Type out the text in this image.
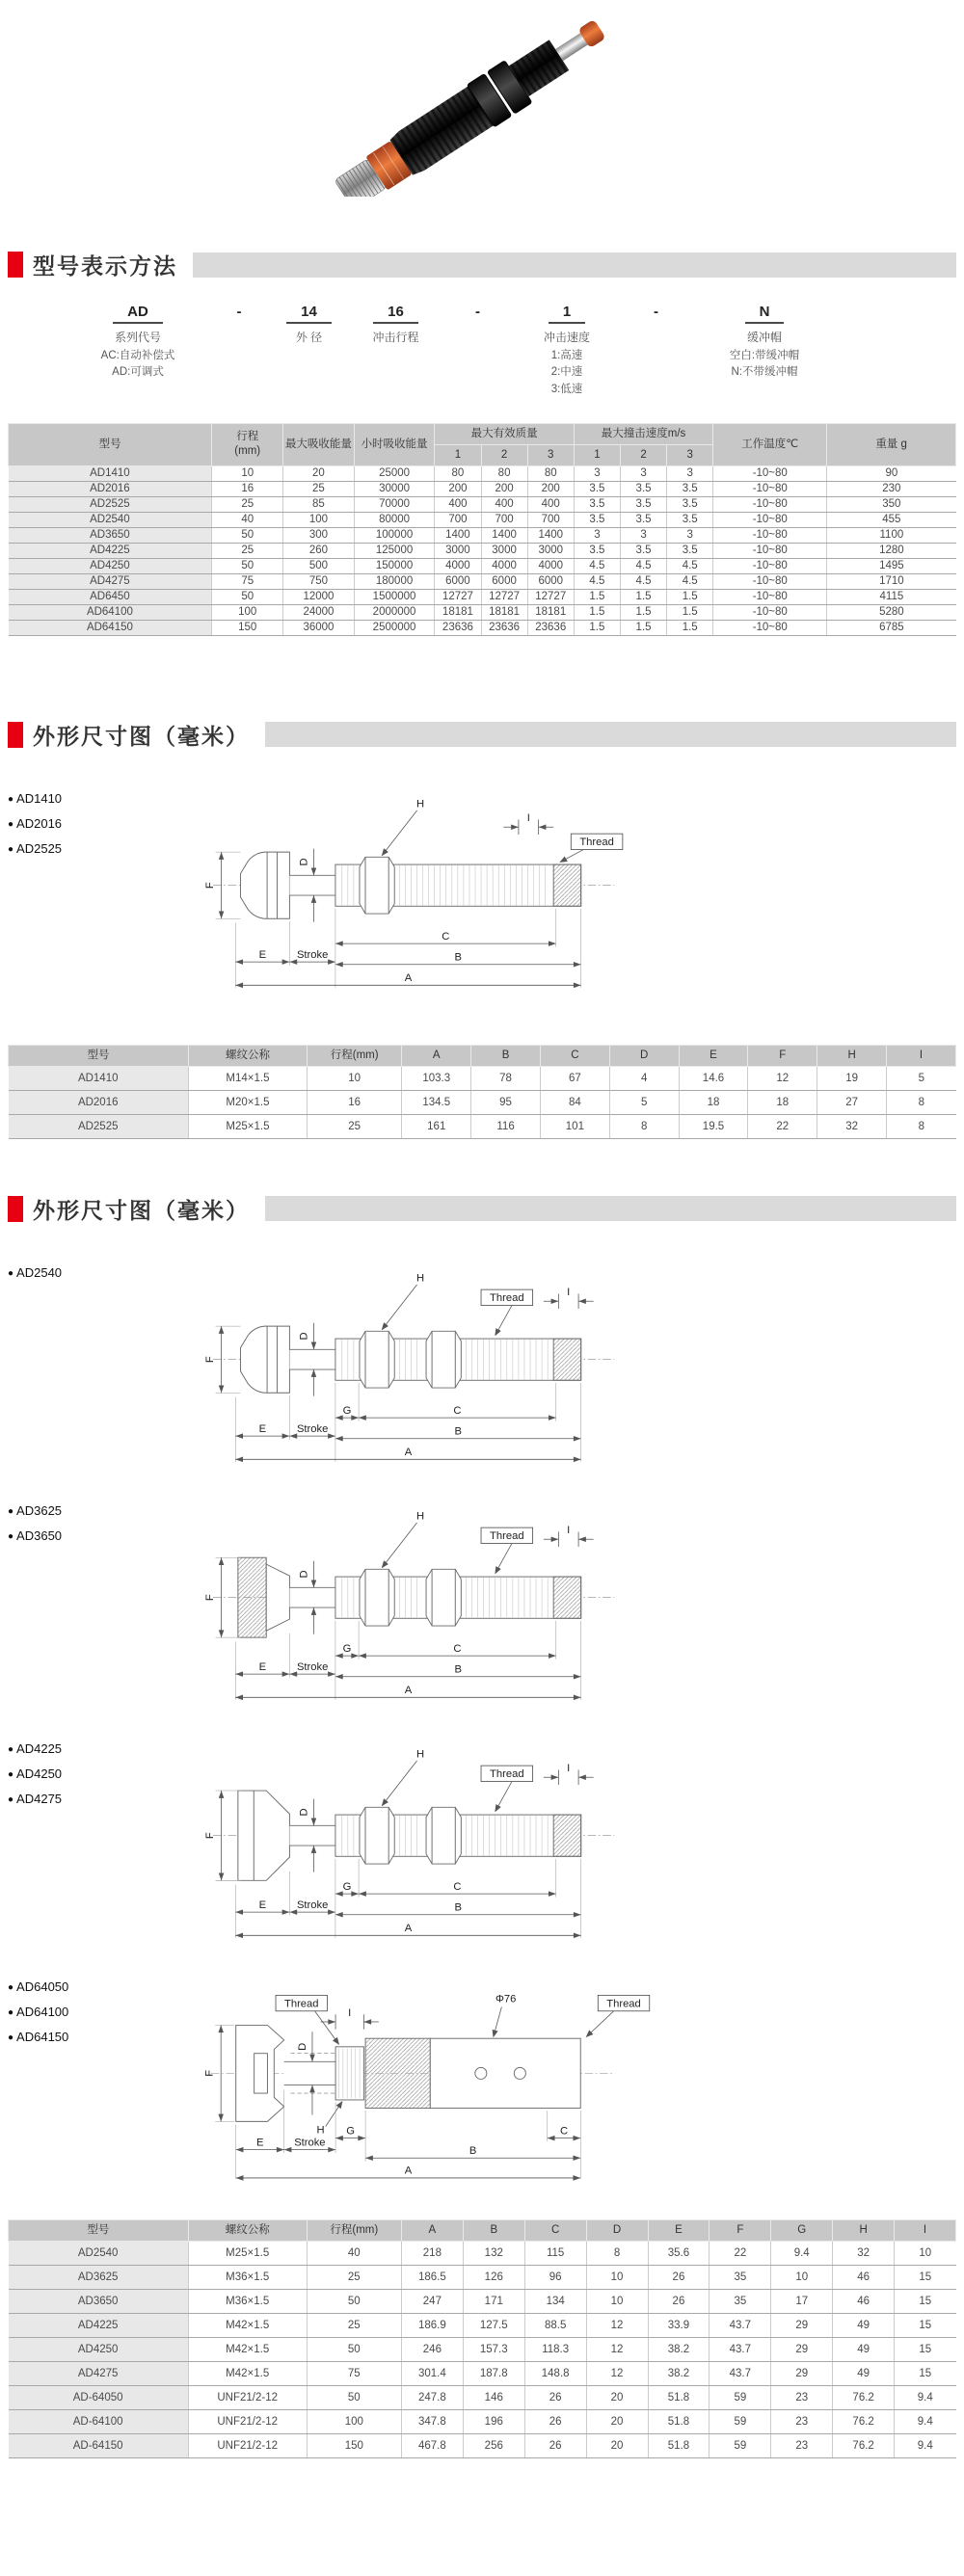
型号表示方法
AD
系列代号
AC:自动补偿式
AD:可调式
-	14
外 径
16
冲击行程
-	1
冲击速度
1:高速
2:中速
3:低速
-	N
缓冲帽
空白:带缓冲帽
N:不带缓冲帽
型号	行程
(mm)	最大吸收能量	小时吸收能量	最大有效质量			最大撞击速度m/s			工作温度℃	重量 g
				1	2	3	1	2	3		
AD1410	10	20	25000	80	80	80	3	3	3	-10~80	90
AD2016	16	25	30000	200	200	200	3.5	3.5	3.5	-10~80	230
AD2525	25	85	70000	400	400	400	3.5	3.5	3.5	-10~80	350
AD2540	40	100	80000	700	700	700	3.5	3.5	3.5	-10~80	455
AD3650	50	300	100000	1400	1400	1400	3	3	3	-10~80	1100
AD4225	25	260	125000	3000	3000	3000	3.5	3.5	3.5	-10~80	1280
AD4250	50	500	150000	4000	4000	4000	4.5	4.5	4.5	-10~80	1495
AD4275	75	750	180000	6000	6000	6000	4.5	4.5	4.5	-10~80	1710
AD6450	50	12000	1500000	12727	12727	12727	1.5	1.5	1.5	-10~80	4115
AD64100	100	24000	2000000	18181	18181	18181	1.5	1.5	1.5	-10~80	5280
AD64150	150	36000	2500000	23636	23636	23636	1.5	1.5	1.5	-10~80	6785
外形尺寸图（毫米）
● AD1410
● AD2016
● AD2525
F
D
H
I
Thread
C
B
A
E Stroke
型号	螺纹公称	行程(mm)	A	B	C	D	E	F	H	I
AD1410	M14×1.5	10	103.3	78	67	4	14.6	12	19	5
AD2016	M20×1.5	16	134.5	95	84	5	18	18	27	8
AD2525	M25×1.5	25	161	116	101	8	19.5	22	32	8
外形尺寸图（毫米）
● AD2540
F
D
H
I
Thread
G	C
B
A
E Stroke
● AD3625
● AD3650
F
D
H
I
Thread
G	C
B
A
E Stroke
● AD4225
● AD4250
● AD4275
F
D
H
I
Thread
G	C
B
A
E Stroke
● AD64050
● AD64100
● AD64150
F
D
I
Thread	Φ76	Thread
H
E Stroke
G	C
B
A
型号	螺纹公称	行程(mm)	A	B	C	D	E	F	G	H	I
AD2540	M25×1.5	40	218	132	115	8	35.6	22	9.4	32	10
AD3625	M36×1.5	25	186.5	126	96	10	26	35	10	46	15
AD3650	M36×1.5	50	247	171	134	10	26	35	17	46	15
AD4225	M42×1.5	25	186.9	127.5	88.5	12	33.9	43.7	29	49	15
AD4250	M42×1.5	50	246	157.3	118.3	12	38.2	43.7	29	49	15
AD4275	M42×1.5	75	301.4	187.8	148.8	12	38.2	43.7	29	49	15
AD-64050	UNF21/2-12	50	247.8	146	26	20	51.8	59	23	76.2	9.4
AD-64100	UNF21/2-12	100	347.8	196	26	20	51.8	59	23	76.2	9.4
AD-64150	UNF21/2-12	150	467.8	256	26	20	51.8	59	23	76.2	9.4
